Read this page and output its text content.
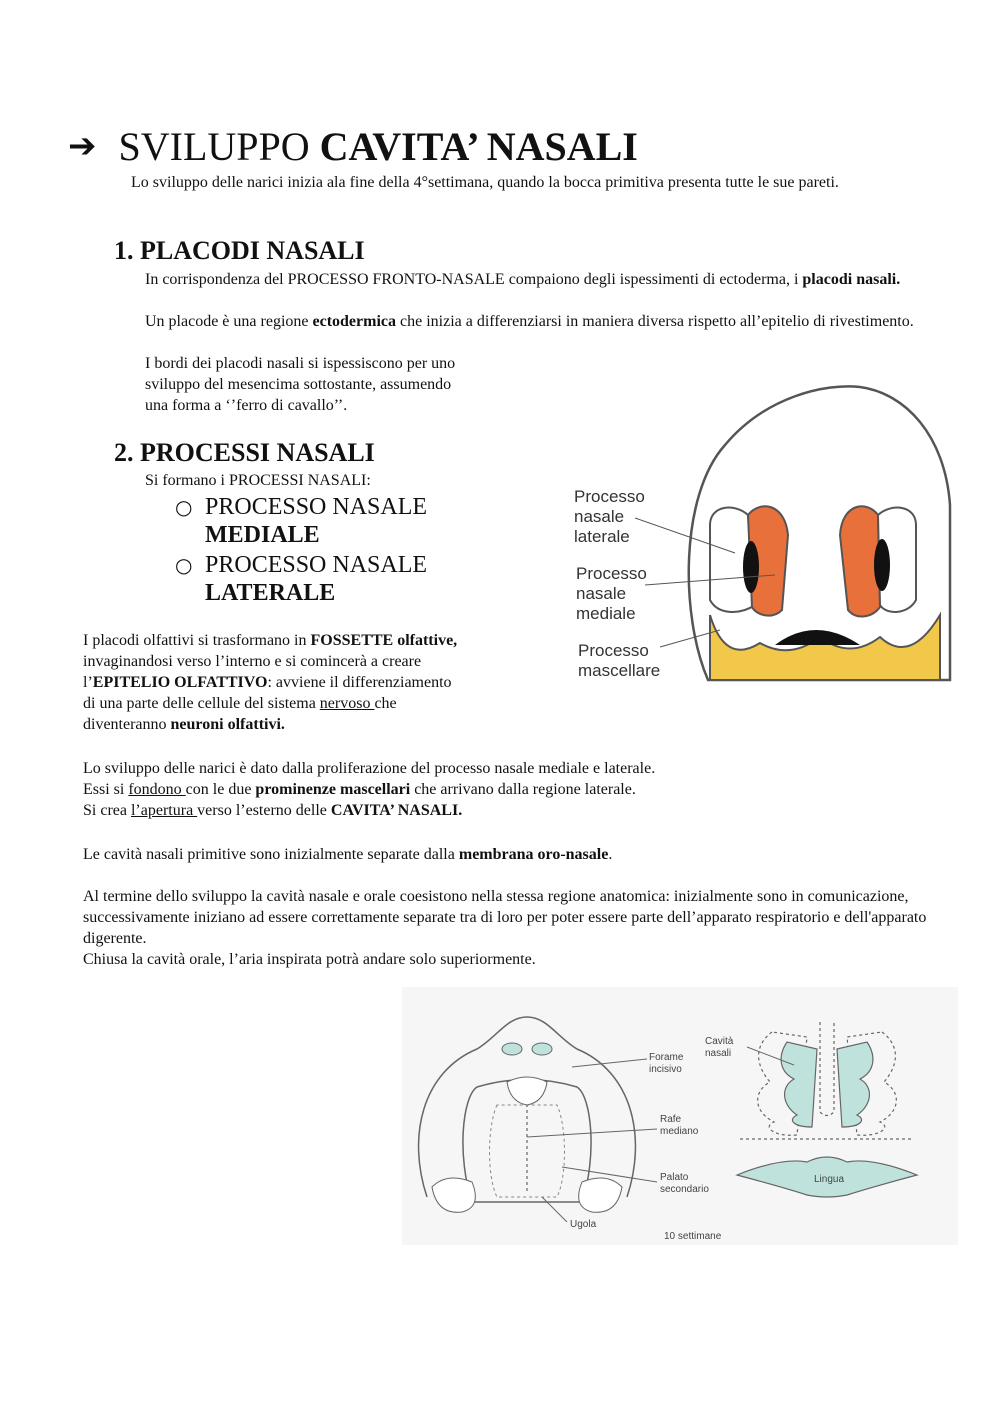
➔ SVILUPPO CAVITA’ NASALI

Lo sviluppo delle narici inizia ala fine della 4°settimana, quando la bocca primitiva presenta tutte le sue pareti.

1. PLACODI NASALI

In corrispondenza del PROCESSO FRONTO-NASALE compaiono degli ispessimenti di ectoderma, i placodi nasali.

Un placode è una regione ectodermica che inizia a differenziarsi in maniera diversa rispetto all’epitelio di rivestimento.

I bordi dei placodi nasali si ispessiscono per uno
sviluppo del mesencima sottostante, assumendo
una forma a ‘’ferro di cavallo’’.

2. PROCESSI NASALI

Si formano i PROCESSI NASALI:

○ PROCESSO NASALE
MEDIALE
○ PROCESSO NASALE
LATERALE

I placodi olfattivi si trasformano in FOSSETTE olfattive,
invaginandosi verso l’interno e si comincerà a creare
l’EPITELIO OLFATTIVO: avviene il differenziamento
di una parte delle cellule del sistema nervoso che
diventeranno neuroni olfattivi.

Lo sviluppo delle narici è dato dalla proliferazione del processo nasale mediale e laterale.
Essi si fondono con le due prominenze mascellari che arrivano dalla regione laterale.
Si crea l’apertura verso l’esterno delle CAVITA’ NASALI.

Le cavità nasali primitive sono inizialmente separate dalla membrana oro-nasale.

Al termine dello sviluppo la cavità nasale e orale coesistono nella stessa regione anatomica: inizialmente sono in comunicazione, successivamente iniziano ad essere correttamente separate tra di loro per poter essere parte dell’apparato respiratorio e dell'apparato digerente.

Chiusa la cavità orale, l’aria inspirata potrà andare solo superiormente.

Processo
nasale
laterale
Processo
nasale
mediale
Processo
mascellare
Forame
incisivo
Rafe
mediano
Palato
secondario
Ugola
Cavità
nasali
Lingua
10 settimane
